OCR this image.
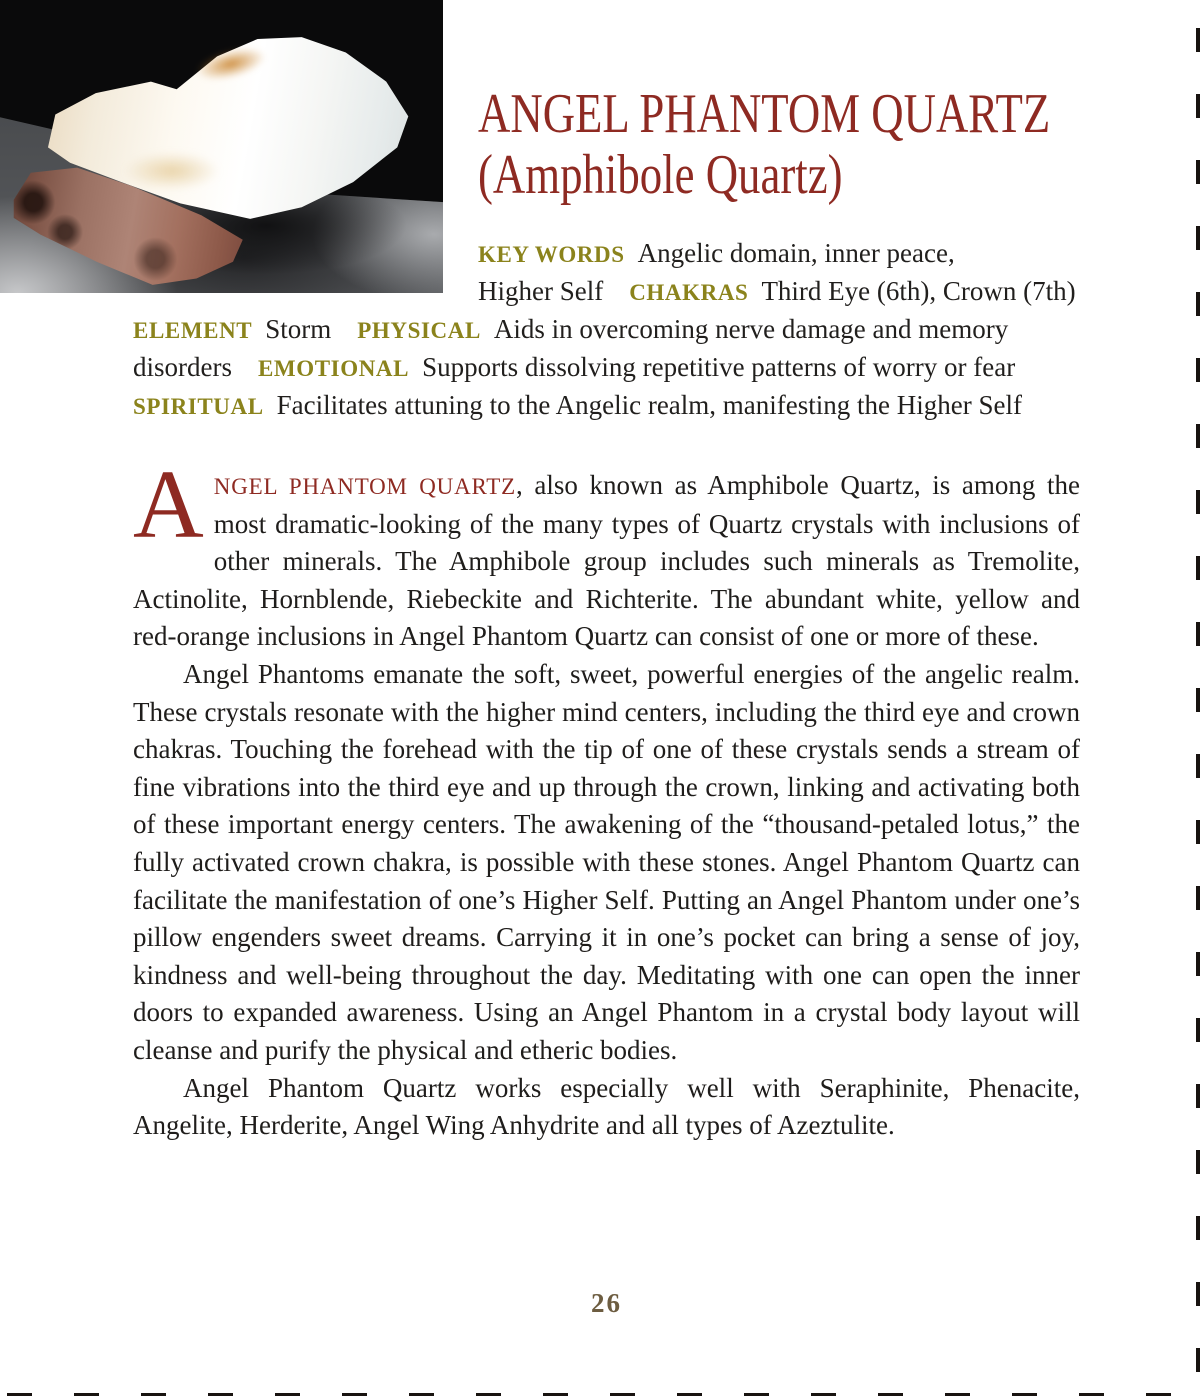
ANGEL PHANTOM QUARTZ
(Amphibole Quartz)
KEY WORDS Angelic domain, inner peace,
Higher Self CHAKRAS Third Eye (6th), Crown (7th)
ELEMENT Storm PHYSICAL Aids in overcoming nerve damage and memory
disorders EMOTIONAL Supports dissolving repetitive patterns of worry or fear
SPIRITUAL Facilitates attuning to the Angelic realm, manifesting the Higher Self

ANGEL PHANTOM QUARTZ, also known as Amphibole Quartz, is among the most dramatic-looking of the many types of Quartz crystals with inclusions of other minerals. The Amphibole group includes such minerals as Tremolite, Actinolite, Hornblende, Riebeckite and Richterite. The abundant white, yellow and red-orange inclusions in Angel Phantom Quartz can consist of one or more of these.

Angel Phantoms emanate the soft, sweet, powerful energies of the angelic realm. These crystals resonate with the higher mind centers, including the third eye and crown chakras. Touching the forehead with the tip of one of these crystals sends a stream of fine vibrations into the third eye and up through the crown, linking and activating both of these important energy centers. The awakening of the “thousand-petaled lotus,” the fully activated crown chakra, is possible with these stones. Angel Phantom Quartz can facilitate the manifestation of one’s Higher Self. Putting an Angel Phantom under one’s pillow engenders sweet dreams. Carrying it in one’s pocket can bring a sense of joy, kindness and well-being throughout the day. Meditating with one can open the inner doors to expanded awareness. Using an Angel Phantom in a crystal body layout will cleanse and purify the physical and etheric bodies.

Angel Phantom Quartz works especially well with Seraphinite, Phenacite, Angelite, Herderite, Angel Wing Anhydrite and all types of Azeztulite.

26
